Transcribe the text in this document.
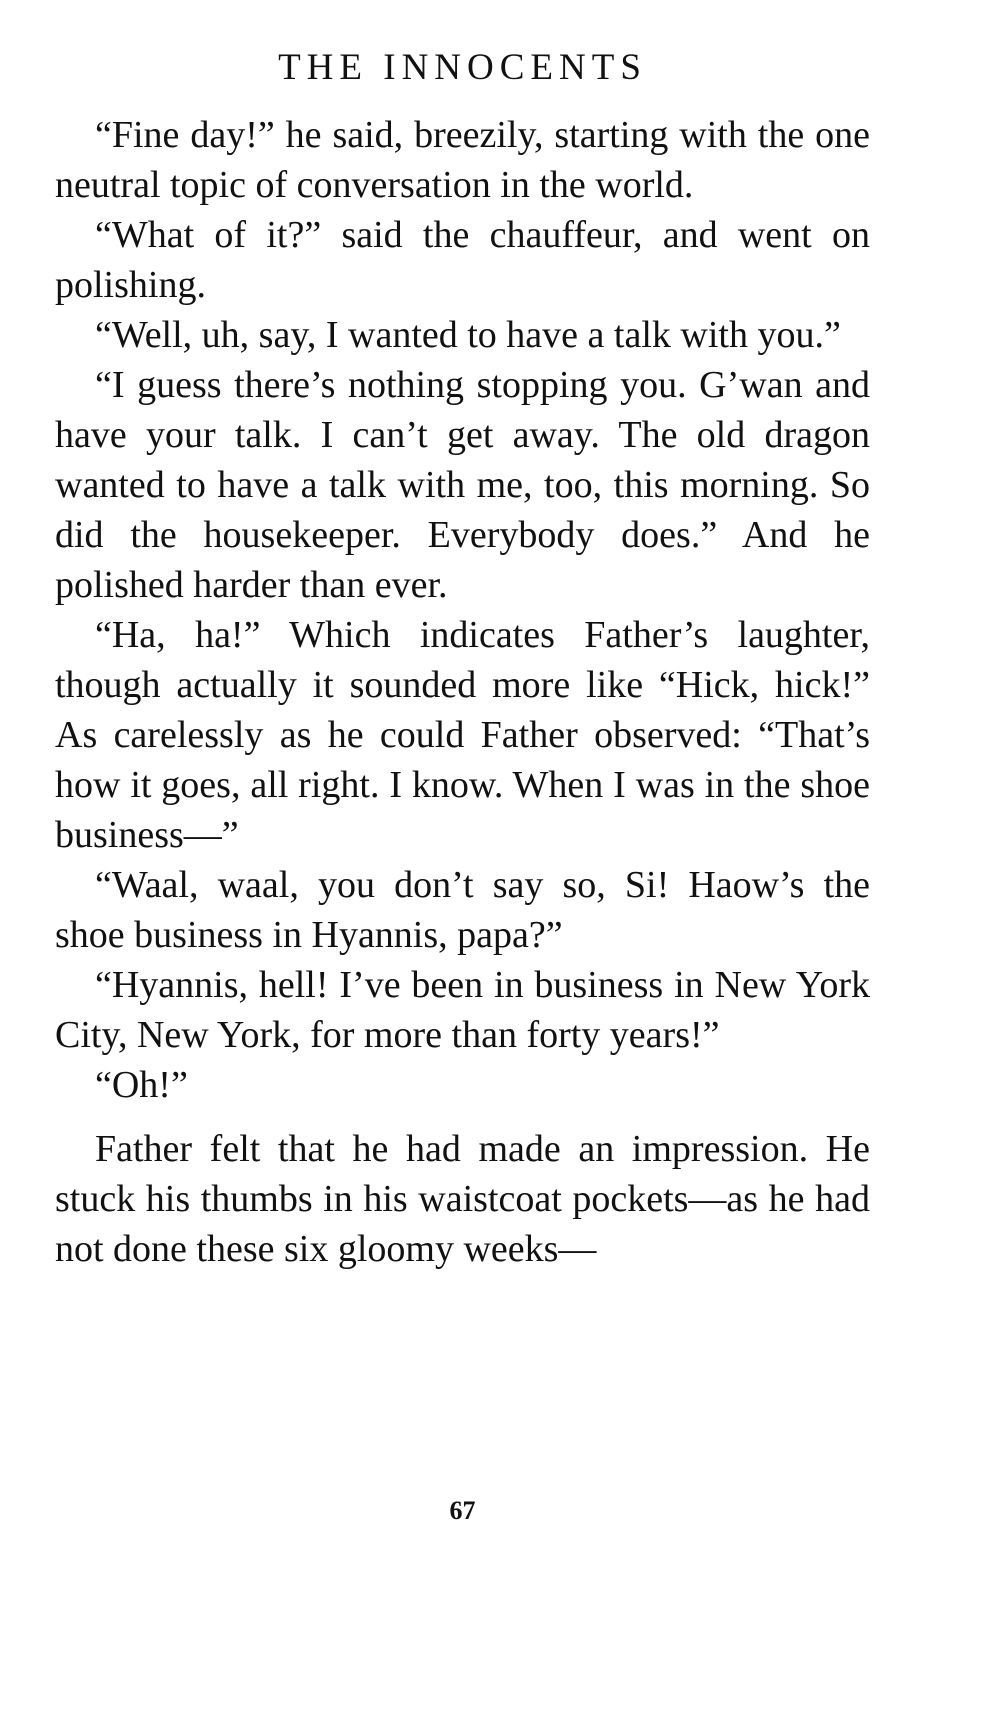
THE INNOCENTS

“Fine day!” he said, breezily, starting with the one neutral topic of conversation in the world.

“What of it?” said the chauffeur, and went on polishing.

“Well, uh, say, I wanted to have a talk with you.”

“I guess there’s nothing stopping you. G’wan and have your talk. I can’t get away. The old dragon wanted to have a talk with me, too, this morning. So did the housekeeper. Everybody does.” And he polished harder than ever.

“Ha, ha!” Which indicates Father’s laughter, though actually it sounded more like “Hick, hick!” As carelessly as he could Father observed: “That’s how it goes, all right. I know. When I was in the shoe business—”

“Waal, waal, you don’t say so, Si! Haow’s the shoe business in Hyannis, papa?”

“Hyannis, hell! I’ve been in business in New York City, New York, for more than forty years!”

“Oh!”

Father felt that he had made an impression. He stuck his thumbs in his waistcoat pockets—as he had not done these six gloomy weeks—

67
